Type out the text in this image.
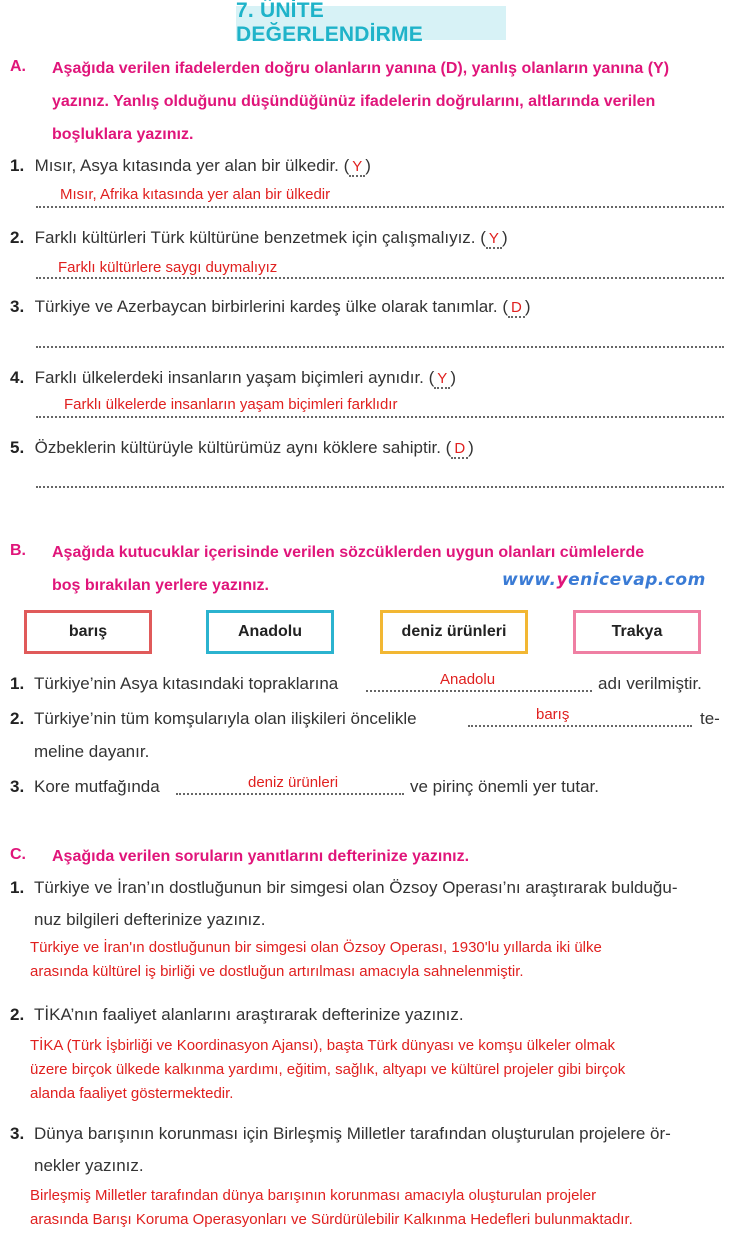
7. ÜNİTE DEĞERLENDİRME
A. Aşağıda verilen ifadelerden doğru olanların yanına (D), yanlış olanların yanına (Y)
yazınız. Yanlış olduğunu düşündüğünüz ifadelerin doğrularını, altlarında verilen
boşluklara yazınız.
1. Mısır, Asya kıtasında yer alan bir ülkedir. ( Y )
Mısır, Afrika kıtasında yer alan bir ülkedir
2. Farklı kültürleri Türk kültürüne benzetmek için çalışmalıyız. ( Y )
Farklı kültürlere saygı duymalıyız
3. Türkiye ve Azerbaycan birbirlerini kardeş ülke olarak tanımlar. ( D )
4. Farklı ülkelerdeki insanların yaşam biçimleri aynıdır. ( Y )
Farklı ülkelerde insanların yaşam biçimleri farklıdır
5. Özbeklerin kültürüyle kültürümüz aynı köklere sahiptir. ( D )
B. Aşağıda kutucuklar içerisinde verilen sözcüklerden uygun olanları cümlelerde
boş bırakılan yerlere yazınız.	www.yenicevap.com
barış	Anadolu	deniz ürünleri	Trakya
1. Türkiye’nin Asya kıtasındaki topraklarına	Anadolu	adı verilmiştir.
2. Türkiye’nin tüm komşularıyla olan ilişkileri öncelikle	barış	te-
meline dayanır.
3. Kore mutfağında	deniz ürünleri	ve pirinç önemli yer tutar.
C. Aşağıda verilen soruların yanıtlarını defterinize yazınız.
1. Türkiye ve İran’ın dostluğunun bir simgesi olan Özsoy Operası’nı araştırarak bulduğu-
nuz bilgileri defterinize yazınız.
Türkiye ve İran'ın dostluğunun bir simgesi olan Özsoy Operası, 1930'lu yıllarda iki ülke
arasında kültürel iş birliği ve dostluğun artırılması amacıyla sahnelenmiştir.
2. TİKA’nın faaliyet alanlarını araştırarak defterinize yazınız.
TİKA (Türk İşbirliği ve Koordinasyon Ajansı), başta Türk dünyası ve komşu ülkeler olmak
üzere birçok ülkede kalkınma yardımı, eğitim, sağlık, altyapı ve kültürel projeler gibi birçok
alanda faaliyet göstermektedir.
3. Dünya barışının korunması için Birleşmiş Milletler tarafından oluşturulan projelere ör-
nekler yazınız.
Birleşmiş Milletler tarafından dünya barışının korunması amacıyla oluşturulan projeler
arasında Barışı Koruma Operasyonları ve Sürdürülebilir Kalkınma Hedefleri bulunmaktadır.
